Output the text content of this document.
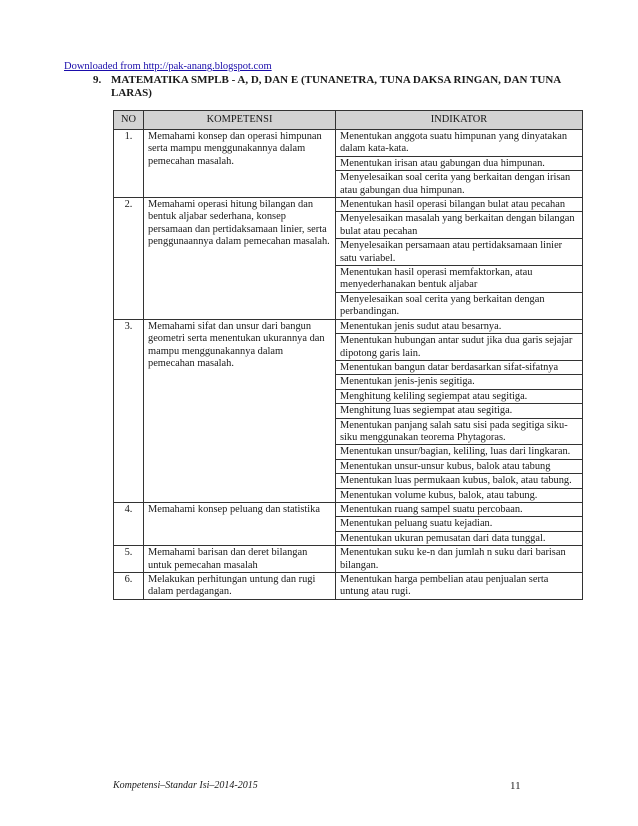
Downloaded from http://pak-anang.blogspot.com
9. MATEMATIKA SMPLB - A, D, DAN E (TUNANETRA, TUNA DAKSA RINGAN, DAN TUNA LARAS)
NO	KOMPETENSI	INDIKATOR
1.	Memahami konsep dan operasi himpunan serta mampu menggunakannya dalam pemecahan masalah.	Menentukan anggota suatu himpunan yang dinyatakan dalam kata-kata.
		Menentukan irisan atau gabungan dua himpunan.
		Menyelesaikan soal cerita yang berkaitan dengan irisan atau gabungan dua himpunan.
2.	Memahami operasi hitung bilangan dan bentuk aljabar sederhana, konsep persamaan dan pertidaksamaan linier, serta penggunaannya dalam pemecahan masalah.	Menentukan hasil operasi bilangan bulat atau pecahan
		Menyelesaikan masalah yang berkaitan dengan bilangan bulat atau pecahan
		Menyelesaikan persamaan atau pertidaksamaan linier satu variabel.
		Menentukan hasil operasi memfaktorkan, atau menyederhanakan bentuk aljabar
		Menyelesaikan soal cerita yang berkaitan dengan perbandingan.
3.	Memahami sifat dan unsur dari bangun geometri serta menentukan ukurannya dan mampu menggunakannya dalam pemecahan masalah.	Menentukan jenis sudut atau besarnya.
		Menentukan hubungan antar sudut jika dua garis sejajar dipotong garis lain.
		Menentukan bangun datar berdasarkan sifat-sifatnya
		Menentukan jenis-jenis segitiga.
		Menghitung keliling segiempat atau segitiga.
		Menghitung luas segiempat atau segitiga.
		Menentukan panjang salah satu sisi pada segitiga siku-siku menggunakan teorema Phytagoras.
		Menentukan unsur/bagian, keliling, luas dari lingkaran.
		Menentukan unsur-unsur kubus, balok atau tabung
		Menentukan luas permukaan kubus, balok, atau tabung.
		Menentukan volume kubus, balok, atau tabung.
4.	Memahami konsep peluang dan statistika	Menentukan ruang sampel suatu percobaan.
		Menentukan peluang suatu kejadian.
		Menentukan ukuran pemusatan dari data tunggal.
5.	Memahami barisan dan deret bilangan untuk pemecahan masalah	Menentukan suku ke-n dan jumlah n suku dari barisan bilangan.
6.	Melakukan perhitungan untung dan rugi dalam perdagangan.	Menentukan harga pembelian atau penjualan serta untung atau rugi.
Kompetensi–Standar Isi–2014-2015	11
